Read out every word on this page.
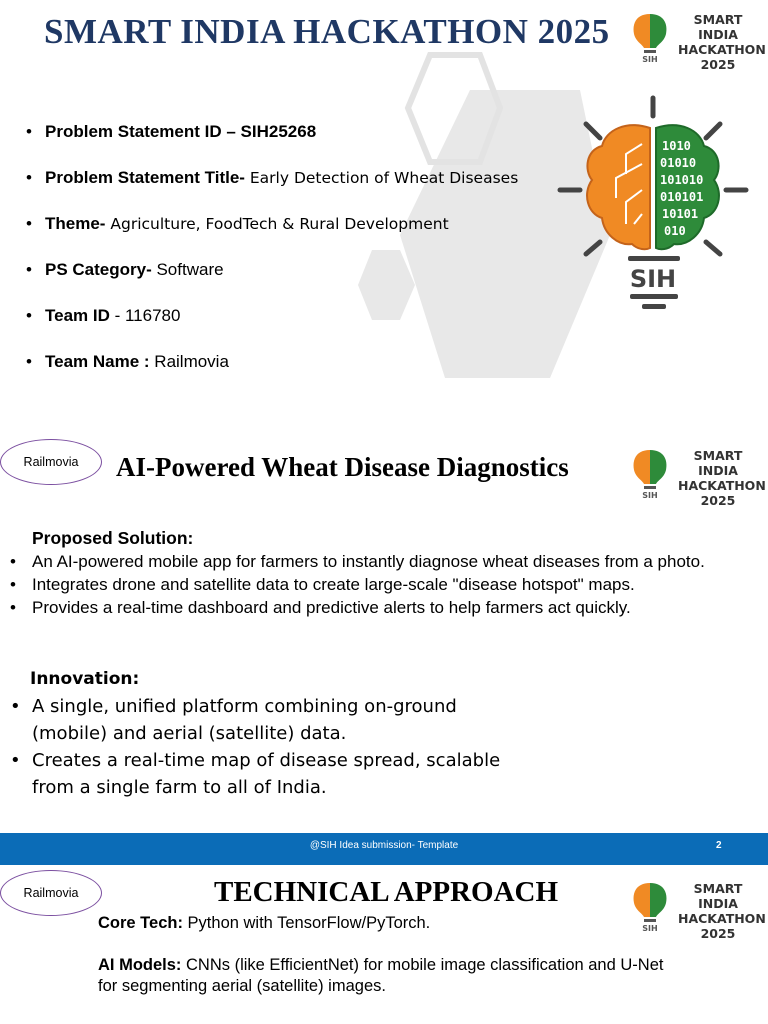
SMART INDIA HACKATHON 2025
SIH
SMART INDIA
HACKATHON
2025
1010
01010
101010
010101
10101
010
SIH
• Problem Statement ID – SIH25268
• Problem Statement Title- Early Detection of Wheat Diseases
• Theme- Agriculture, FoodTech & Rural Development
• PS Category- Software
• Team ID - 116780
• Team Name : Railmovia
Railmovia AI-Powered Wheat Disease Diagnostics
SIH
SMART INDIA
HACKATHON
2025
Proposed Solution:
• An AI-powered mobile app for farmers to instantly diagnose wheat diseases from a photo.
• Integrates drone and satellite data to create large-scale "disease hotspot" maps.
• Provides a real-time dashboard and predictive alerts to help farmers act quickly.
Innovation:
• A single, unified platform combining on-ground (mobile) and aerial (satellite) data.
• Creates a real-time map of disease spread, scalable from a single farm to all of India.
@SIH Idea submission- Template	2
Railmovia	TECHNICAL APPROACH
SIH
SMART INDIA
HACKATHON
2025

Core Tech: Python with TensorFlow/PyTorch.

AI Models: CNNs (like EfficientNet) for mobile image classification and U-Net for segmenting aerial (satellite) images.
